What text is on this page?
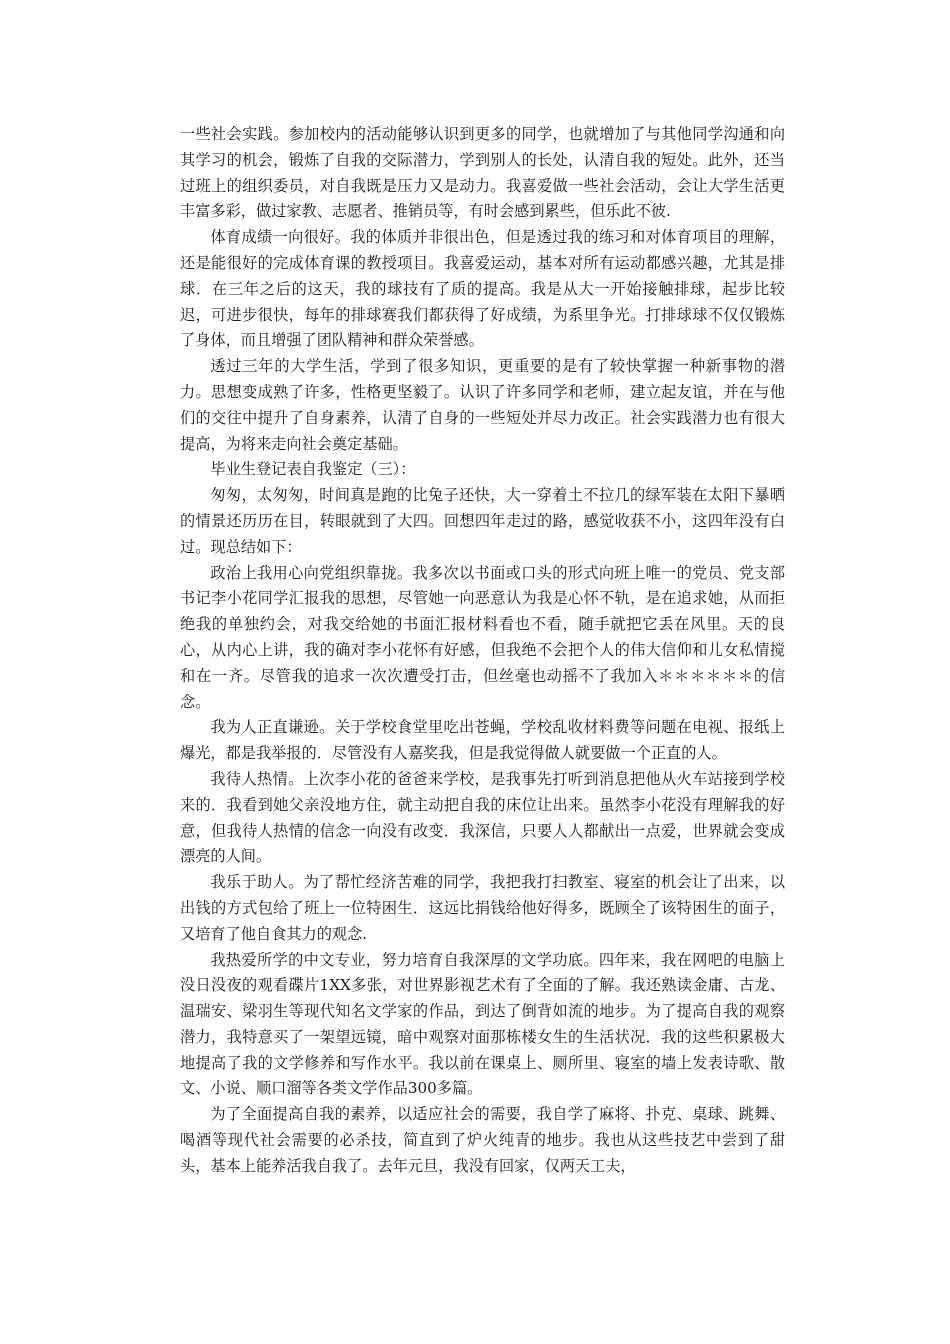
一些社会实践。参加校内的活动能够认识到更多的同学，也就增加了与其他同学沟通和向其学习的机会，锻炼了自我的交际潜力，学到别人的长处，认清自我的短处。此外，还当过班上的组织委员，对自我既是压力又是动力。我喜爱做一些社会活动，会让大学生活更丰富多彩，做过家教、志愿者、推销员等，有时会感到累些，但乐此不彼.

体育成绩一向很好。我的体质并非很出色，但是透过我的练习和对体育项目的理解，还是能很好的完成体育课的教授项目。我喜爱运动，基本对所有运动都感兴趣，尤其是排球．在三年之后的这天，我的球技有了质的提高。我是从大一开始接触排球，起步比较迟，可进步很快，每年的排球赛我们都获得了好成绩，为系里争光。打排球球不仅仅锻炼了身体，而且增强了团队精神和群众荣誉感。

透过三年的大学生活，学到了很多知识，更重要的是有了较快掌握一种新事物的潜力。思想变成熟了许多，性格更坚毅了。认识了许多同学和老师，建立起友谊，并在与他们的交往中提升了自身素养，认清了自身的一些短处并尽力改正。社会实践潜力也有很大提高，为将来走向社会奠定基础。

毕业生登记表自我鉴定（三）：

匆匆，太匆匆，时间真是跑的比兔子还快，大一穿着土不拉几的绿军装在太阳下暴晒的情景还历历在目，转眼就到了大四。回想四年走过的路，感觉收获不小，这四年没有白过。现总结如下：

政治上我用心向党组织靠拢。我多次以书面或口头的形式向班上唯一的党员、党支部书记李小花同学汇报我的思想，尽管她一向恶意认为我是心怀不轨，是在追求她，从而拒绝我的单独约会，对我交给她的书面汇报材料看也不看，随手就把它丢在风里。天的良心，从内心上讲，我的确对李小花怀有好感，但我绝不会把个人的伟大信仰和儿女私情搅和在一齐。尽管我的追求一次次遭受打击，但丝毫也动摇不了我加入＊＊＊＊＊＊的信念。

我为人正直谦逊。关于学校食堂里吃出苍蝇，学校乱收材料费等问题在电视、报纸上爆光，都是我举报的．尽管没有人嘉奖我，但是我觉得做人就要做一个正直的人。

我待人热情。上次李小花的爸爸来学校，是我事先打听到消息把他从火车站接到学校来的．我看到她父亲没地方住，就主动把自我的床位让出来。虽然李小花没有理解我的好意，但我待人热情的信念一向没有改变．我深信，只要人人都献出一点爱，世界就会变成漂亮的人间。

我乐于助人。为了帮忙经济苦难的同学，我把我打扫教室、寝室的机会让了出来，以出钱的方式包给了班上一位特困生．这远比捐钱给他好得多，既顾全了该特困生的面子，又培育了他自食其力的观念.

我热爱所学的中文专业，努力培育自我深厚的文学功底。四年来，我在网吧的电脑上没日没夜的观看碟片1XX多张，对世界影视艺术有了全面的了解。我还熟读金庸、古龙、温瑞安、梁羽生等现代知名文学家的作品，到达了倒背如流的地步。为了提高自我的观察潜力，我特意买了一架望远镜，暗中观察对面那栋楼女生的生活状况．我的这些积累极大地提高了我的文学修养和写作水平。我以前在课桌上、厕所里、寝室的墙上发表诗歌、散文、小说、顺口溜等各类文学作品300多篇。

为了全面提高自我的素养，以适应社会的需要，我自学了麻将、扑克、桌球、跳舞、喝酒等现代社会需要的必杀技，简直到了炉火纯青的地步。我也从这些技艺中尝到了甜头，基本上能养活我自我了。去年元旦，我没有回家，仅两天工夫，
